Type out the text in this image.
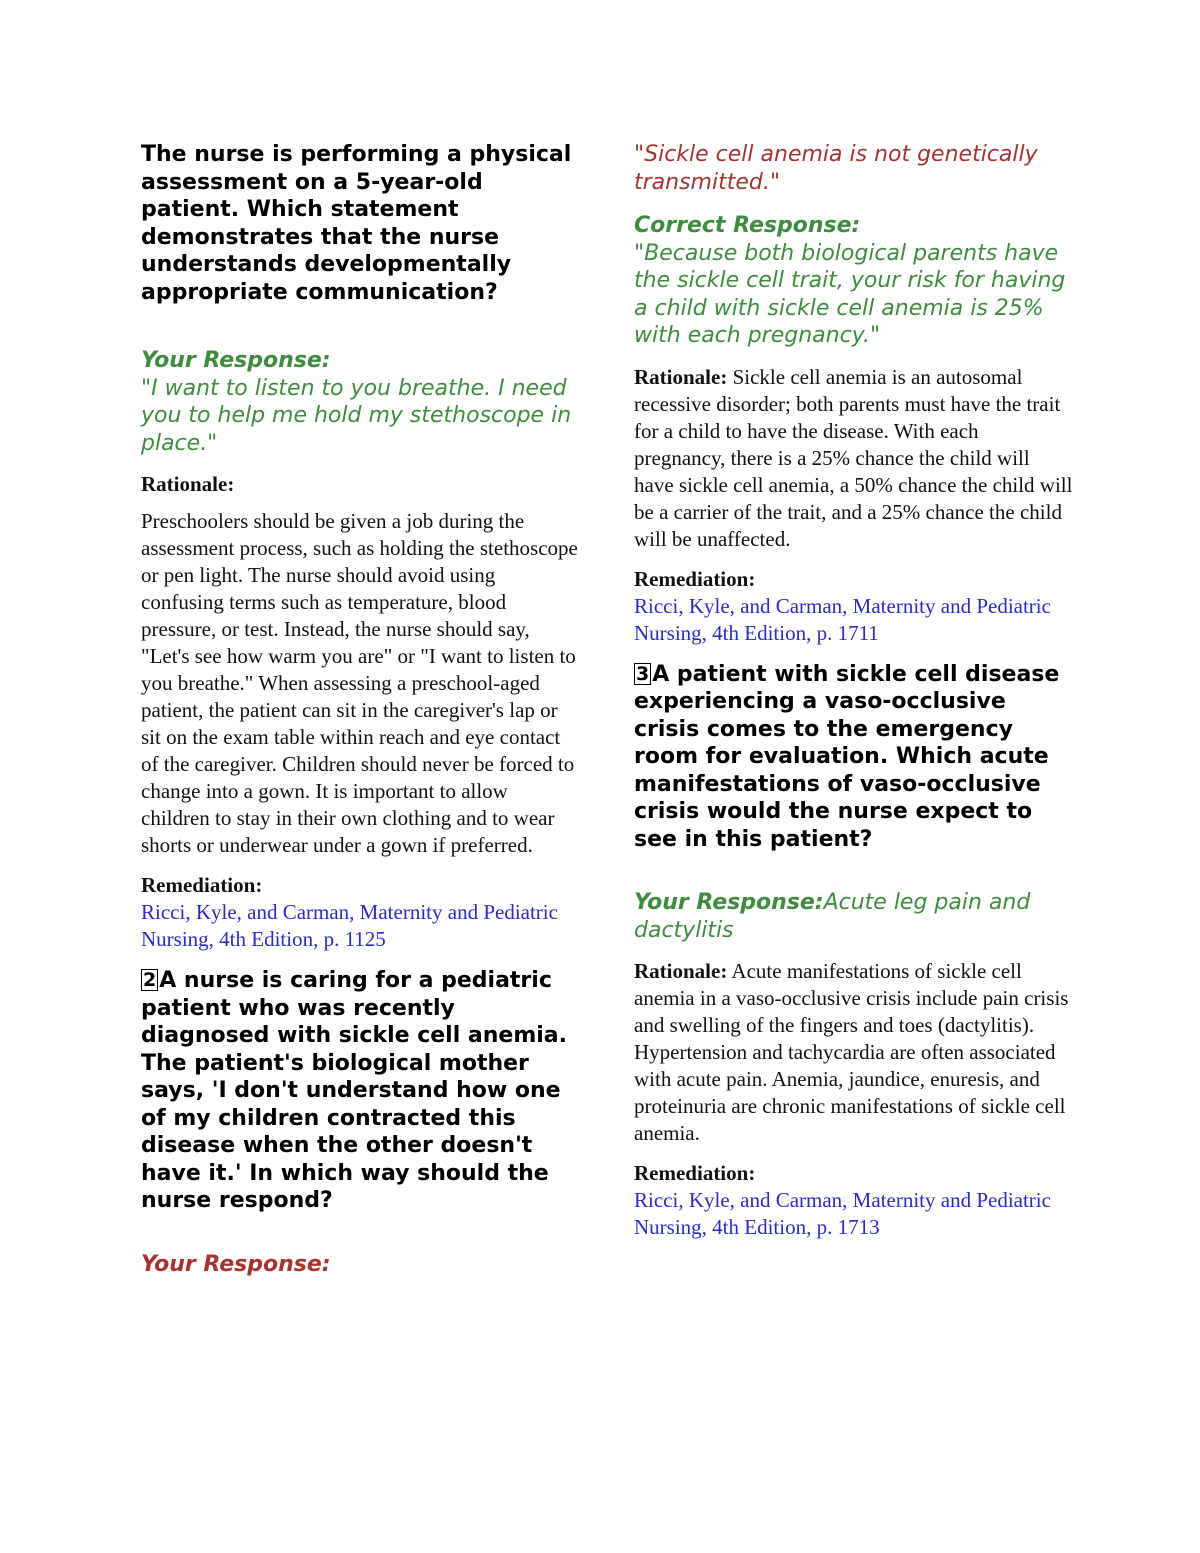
The nurse is performing a physical assessment on a 5-year-old patient. Which statement demonstrates that the nurse understands developmentally appropriate communication?

Your Response:

"I want to listen to you breathe. I need you to help me hold my stethoscope in place."

Rationale:

Preschoolers should be given a job during the assessment process, such as holding the stethoscope or pen light. The nurse should avoid using confusing terms such as temperature, blood pressure, or test. Instead, the nurse should say, "Let's see how warm you are" or "I want to listen to you breathe." When assessing a preschool-aged patient, the patient can sit in the caregiver's lap or sit on the exam table within reach and eye contact of the caregiver. Children should never be forced to change into a gown. It is important to allow children to stay in their own clothing and to wear shorts or underwear under a gown if preferred.

Remediation:

Ricci, Kyle, and Carman, Maternity and Pediatric Nursing, 4th Edition, p. 1125

2 A nurse is caring for a pediatric patient who was recently diagnosed with sickle cell anemia. The patient's biological mother says, 'I don't understand how one of my children contracted this disease when the other doesn't have it.' In which way should the nurse respond?

Your Response:

"Sickle cell anemia is not genetically transmitted."

Correct Response:

"Because both biological parents have the sickle cell trait, your risk for having a child with sickle cell anemia is 25% with each pregnancy."

Rationale: Sickle cell anemia is an autosomal recessive disorder; both parents must have the trait for a child to have the disease. With each pregnancy, there is a 25% chance the child will have sickle cell anemia, a 50% chance the child will be a carrier of the trait, and a 25% chance the child will be unaffected.

Remediation:

Ricci, Kyle, and Carman, Maternity and Pediatric Nursing, 4th Edition, p. 1711

3 A patient with sickle cell disease experiencing a vaso-occlusive crisis comes to the emergency room for evaluation. Which acute manifestations of vaso-occlusive crisis would the nurse expect to see in this patient?

Your Response:Acute leg pain and dactylitis

Rationale: Acute manifestations of sickle cell anemia in a vaso-occlusive crisis include pain crisis and swelling of the fingers and toes (dactylitis). Hypertension and tachycardia are often associated with acute pain. Anemia, jaundice, enuresis, and proteinuria are chronic manifestations of sickle cell anemia.

Remediation:

Ricci, Kyle, and Carman, Maternity and Pediatric Nursing, 4th Edition, p. 1713
